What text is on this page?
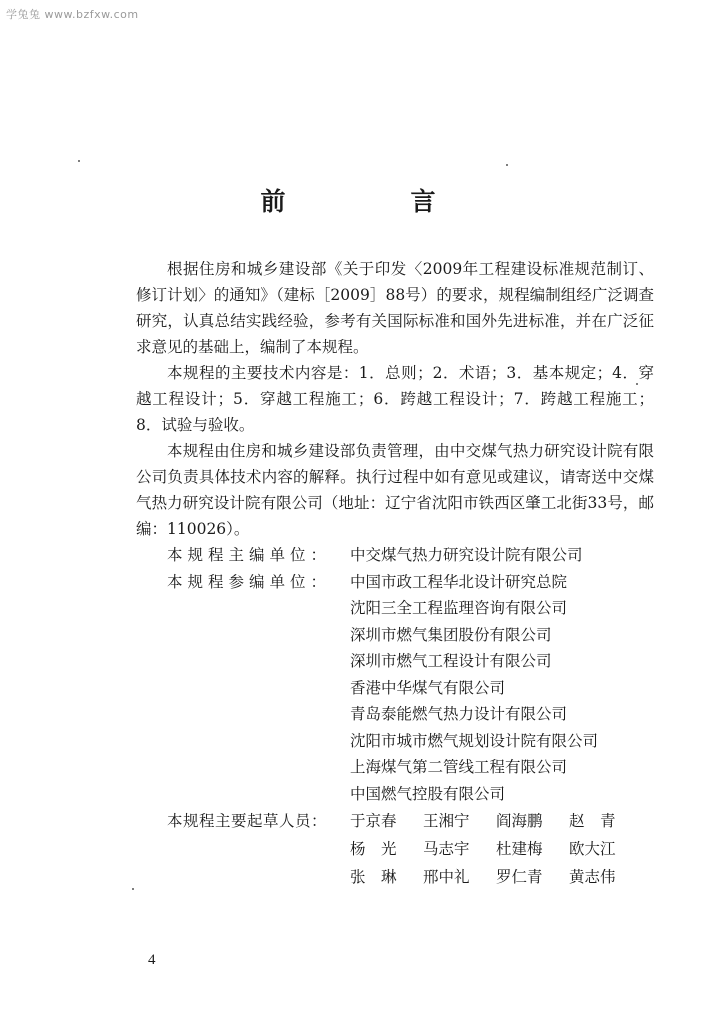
学兔兔 www.bzfxw.com
前　言

根据住房和城乡建设部《关于印发〈2009年工程建设标准规范制订、修订计划〉的通知》（建标［2009］88号）的要求，规程编制组经广泛调查研究，认真总结实践经验，参考有关国际标准和国外先进标准，并在广泛征求意见的基础上，编制了本规程。

本规程的主要技术内容是：1．总则；2．术语；3．基本规定；4．穿越工程设计；5．穿越工程施工；6．跨越工程设计；7．跨越工程施工；8．试验与验收。

本规程由住房和城乡建设部负责管理，由中交煤气热力研究设计院有限公司负责具体技术内容的解释。执行过程中如有意见或建议，请寄送中交煤气热力研究设计院有限公司（地址：辽宁省沈阳市铁西区肇工北街33号，邮编：110026）。

本规程主编单位：	中交煤气热力研究设计院有限公司
本规程参编单位：	中国市政工程华北设计研究总院
沈阳三全工程监理咨询有限公司
深圳市燃气集团股份有限公司
深圳市燃气工程设计有限公司
香港中华煤气有限公司
青岛泰能燃气热力设计有限公司
沈阳市城市燃气规划设计院有限公司
上海煤气第二管线工程有限公司
中国燃气控股有限公司
本规程主要起草人员：	于京春	王湘宁	阎海鹏	赵　青
杨　光	马志宇	杜建梅	欧大江
张　琳	邢中礼	罗仁青	黄志伟
4
